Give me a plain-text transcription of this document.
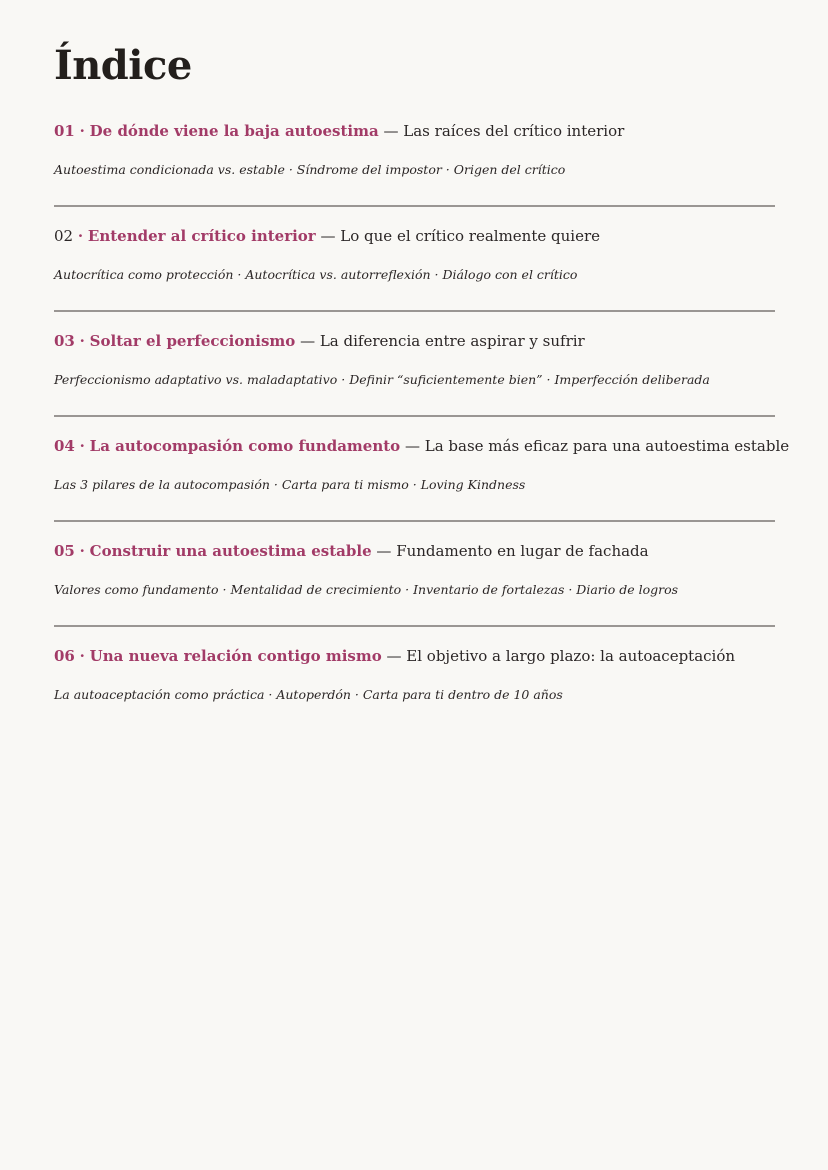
Índice
01 · De dónde viene la baja autoestima — Las raíces del crítico interior
Autoestima condicionada vs. estable · Síndrome del impostor · Origen del crítico
02 · Entender al crítico interior — Lo que el crítico realmente quiere
Autocrítica como protección · Autocrítica vs. autorreflexión · Diálogo con el crítico
03 · Soltar el perfeccionismo — La diferencia entre aspirar y sufrir
Perfeccionismo adaptativo vs. maladaptativo · Definir “suficientemente bien” · Imperfección deliberada
04 · La autocompasión como fundamento — La base más eficaz para una autoestima estable
Las 3 pilares de la autocompasión · Carta para ti mismo · Loving Kindness
05 · Construir una autoestima estable — Fundamento en lugar de fachada
Valores como fundamento · Mentalidad de crecimiento · Inventario de fortalezas · Diario de logros
06 · Una nueva relación contigo mismo — El objetivo a largo plazo: la autoaceptación
La autoaceptación como práctica · Autoperdón · Carta para ti dentro de 10 años
